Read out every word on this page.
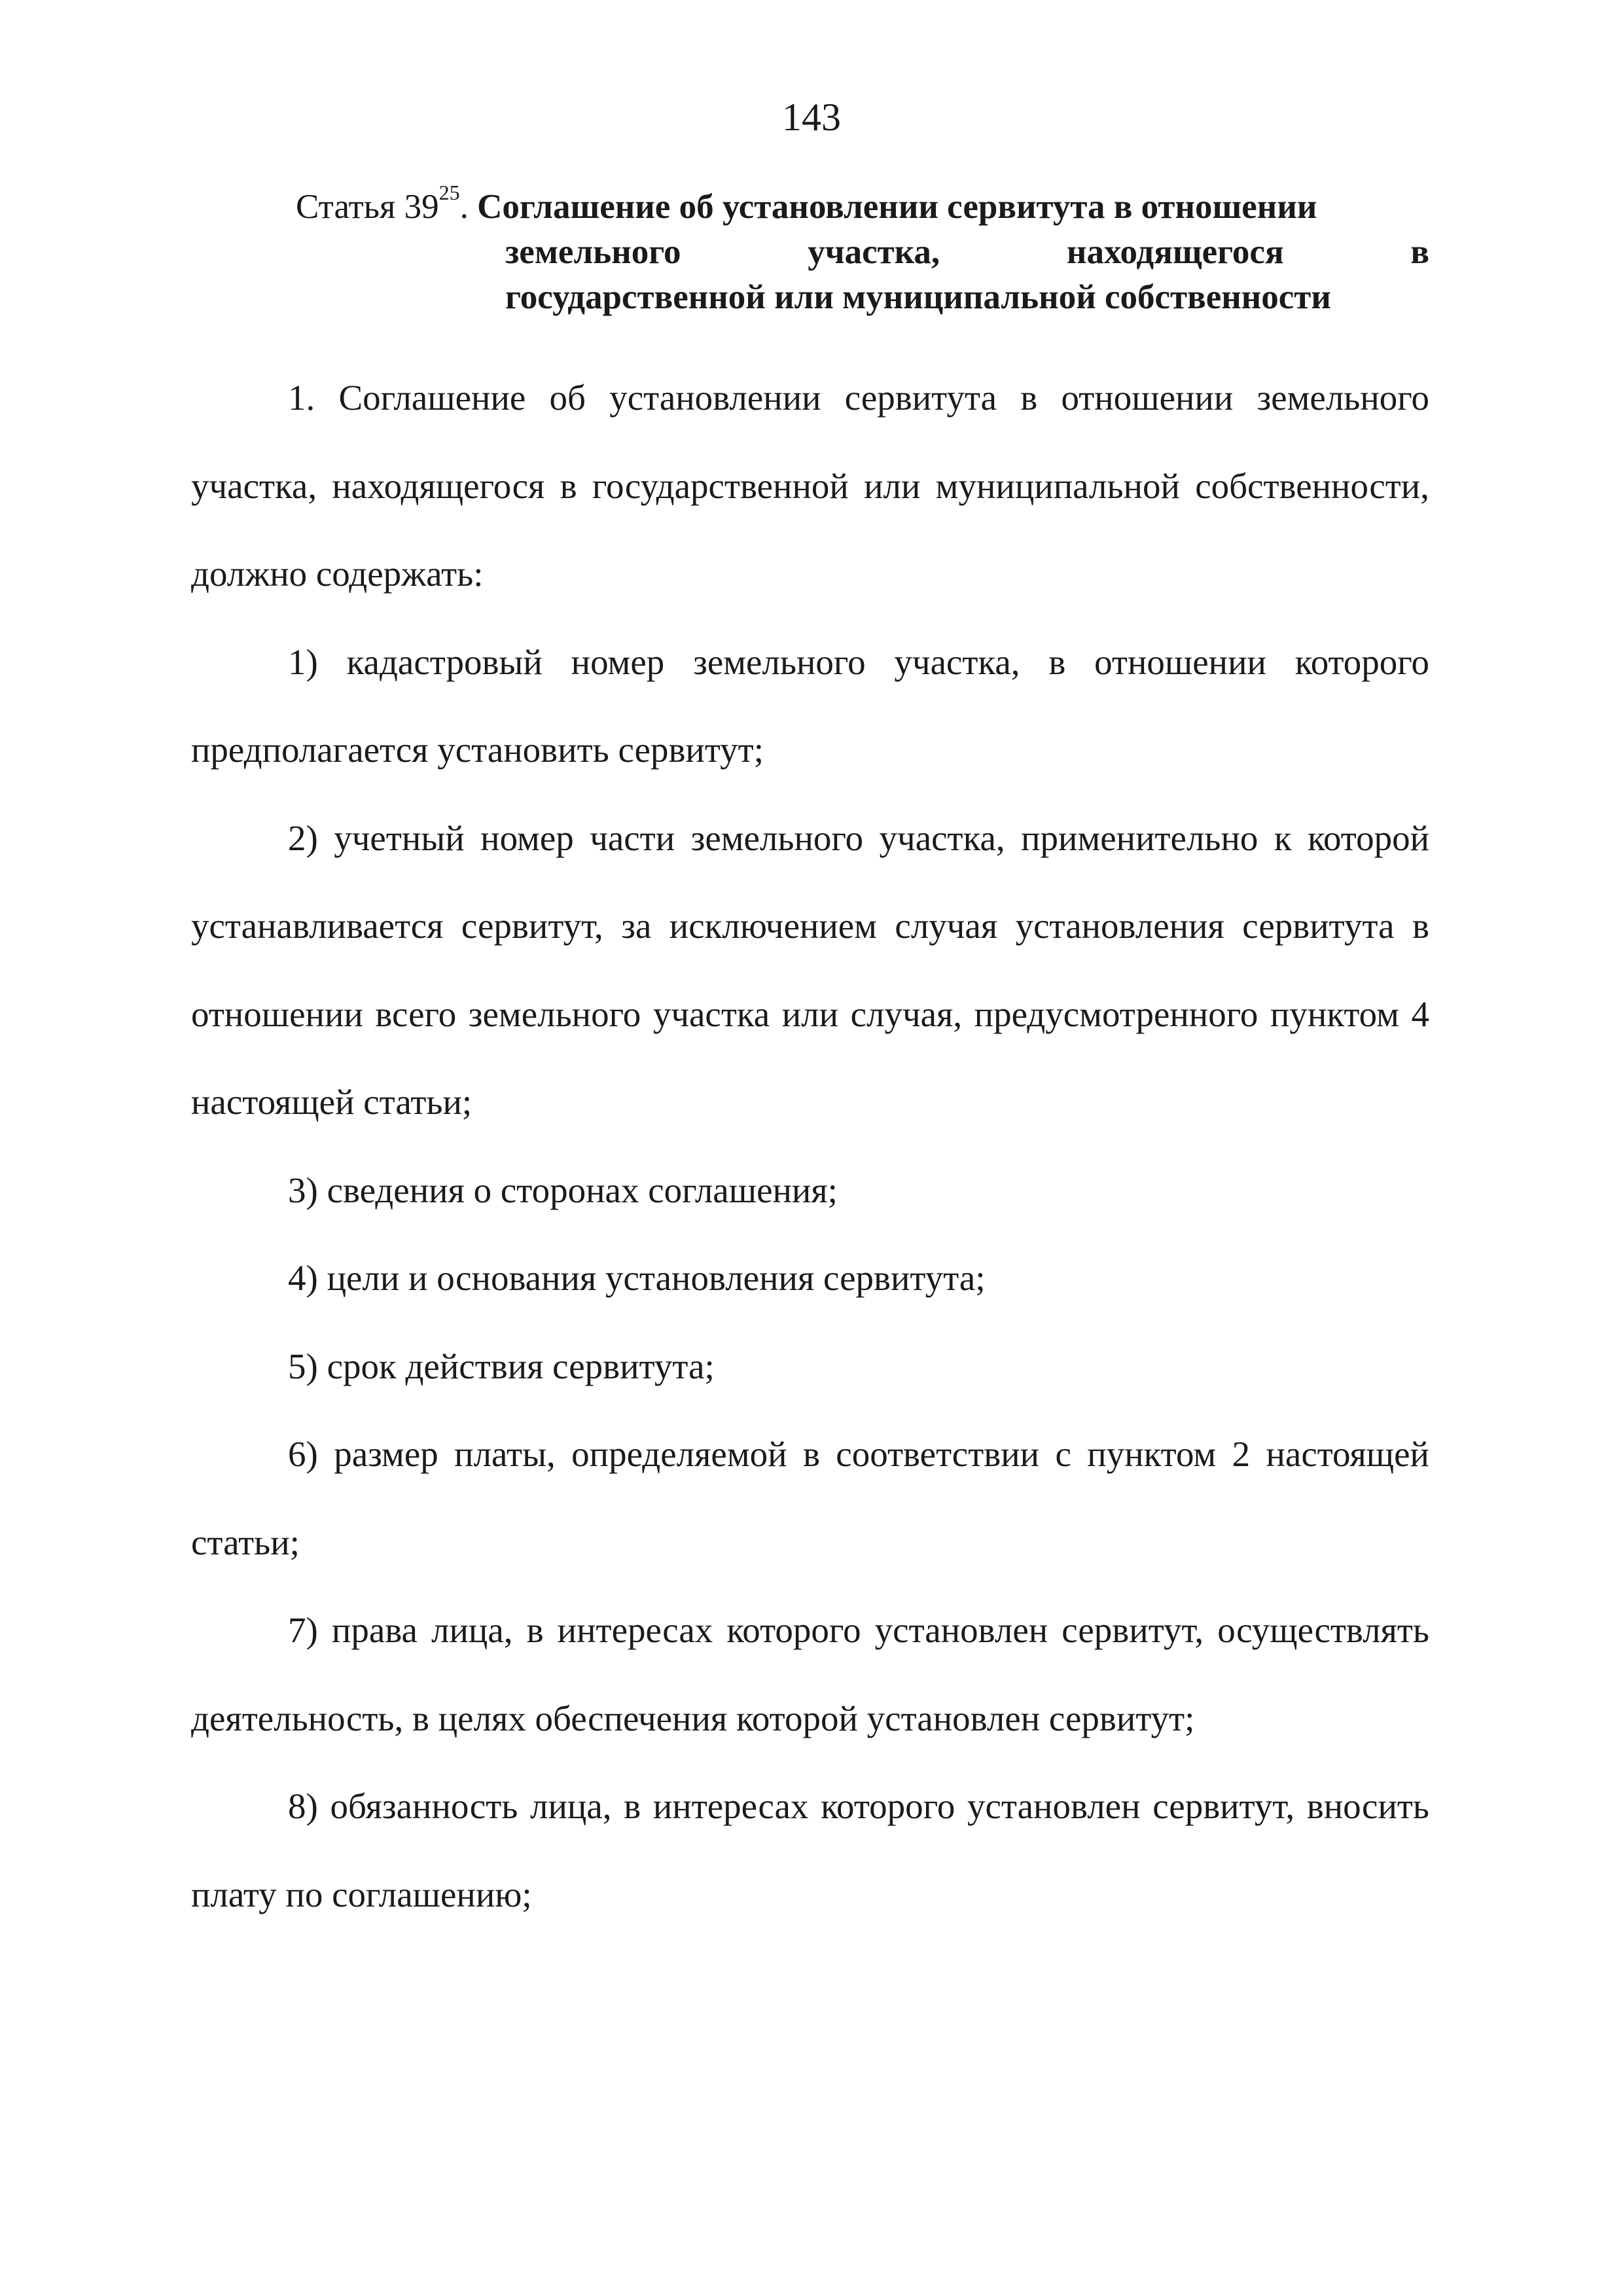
143
Статья $39^{25}$. Соглашение об установлении сервитута в отношении
земельного участка, находящегося в
государственной или муниципальной собственности

1. Соглашение об установлении сервитута в отношении земельного участка, находящегося в государственной или муниципальной собственности, должно содержать:

1) кадастровый номер земельного участка, в отношении которого предполагается установить сервитут;

2) учетный номер части земельного участка, применительно к которой устанавливается сервитут, за исключением случая установления сервитута в отношении всего земельного участка или случая, предусмотренного пунктом 4 настоящей статьи;

3) сведения о сторонах соглашения;

4) цели и основания установления сервитута;

5) срок действия сервитута;

6) размер платы, определяемой в соответствии с пунктом 2 настоящей статьи;

7) права лица, в интересах которого установлен сервитут, осуществлять деятельность, в целях обеспечения которой установлен сервитут;

8) обязанность лица, в интересах которого установлен сервитут, вносить плату по соглашению;
